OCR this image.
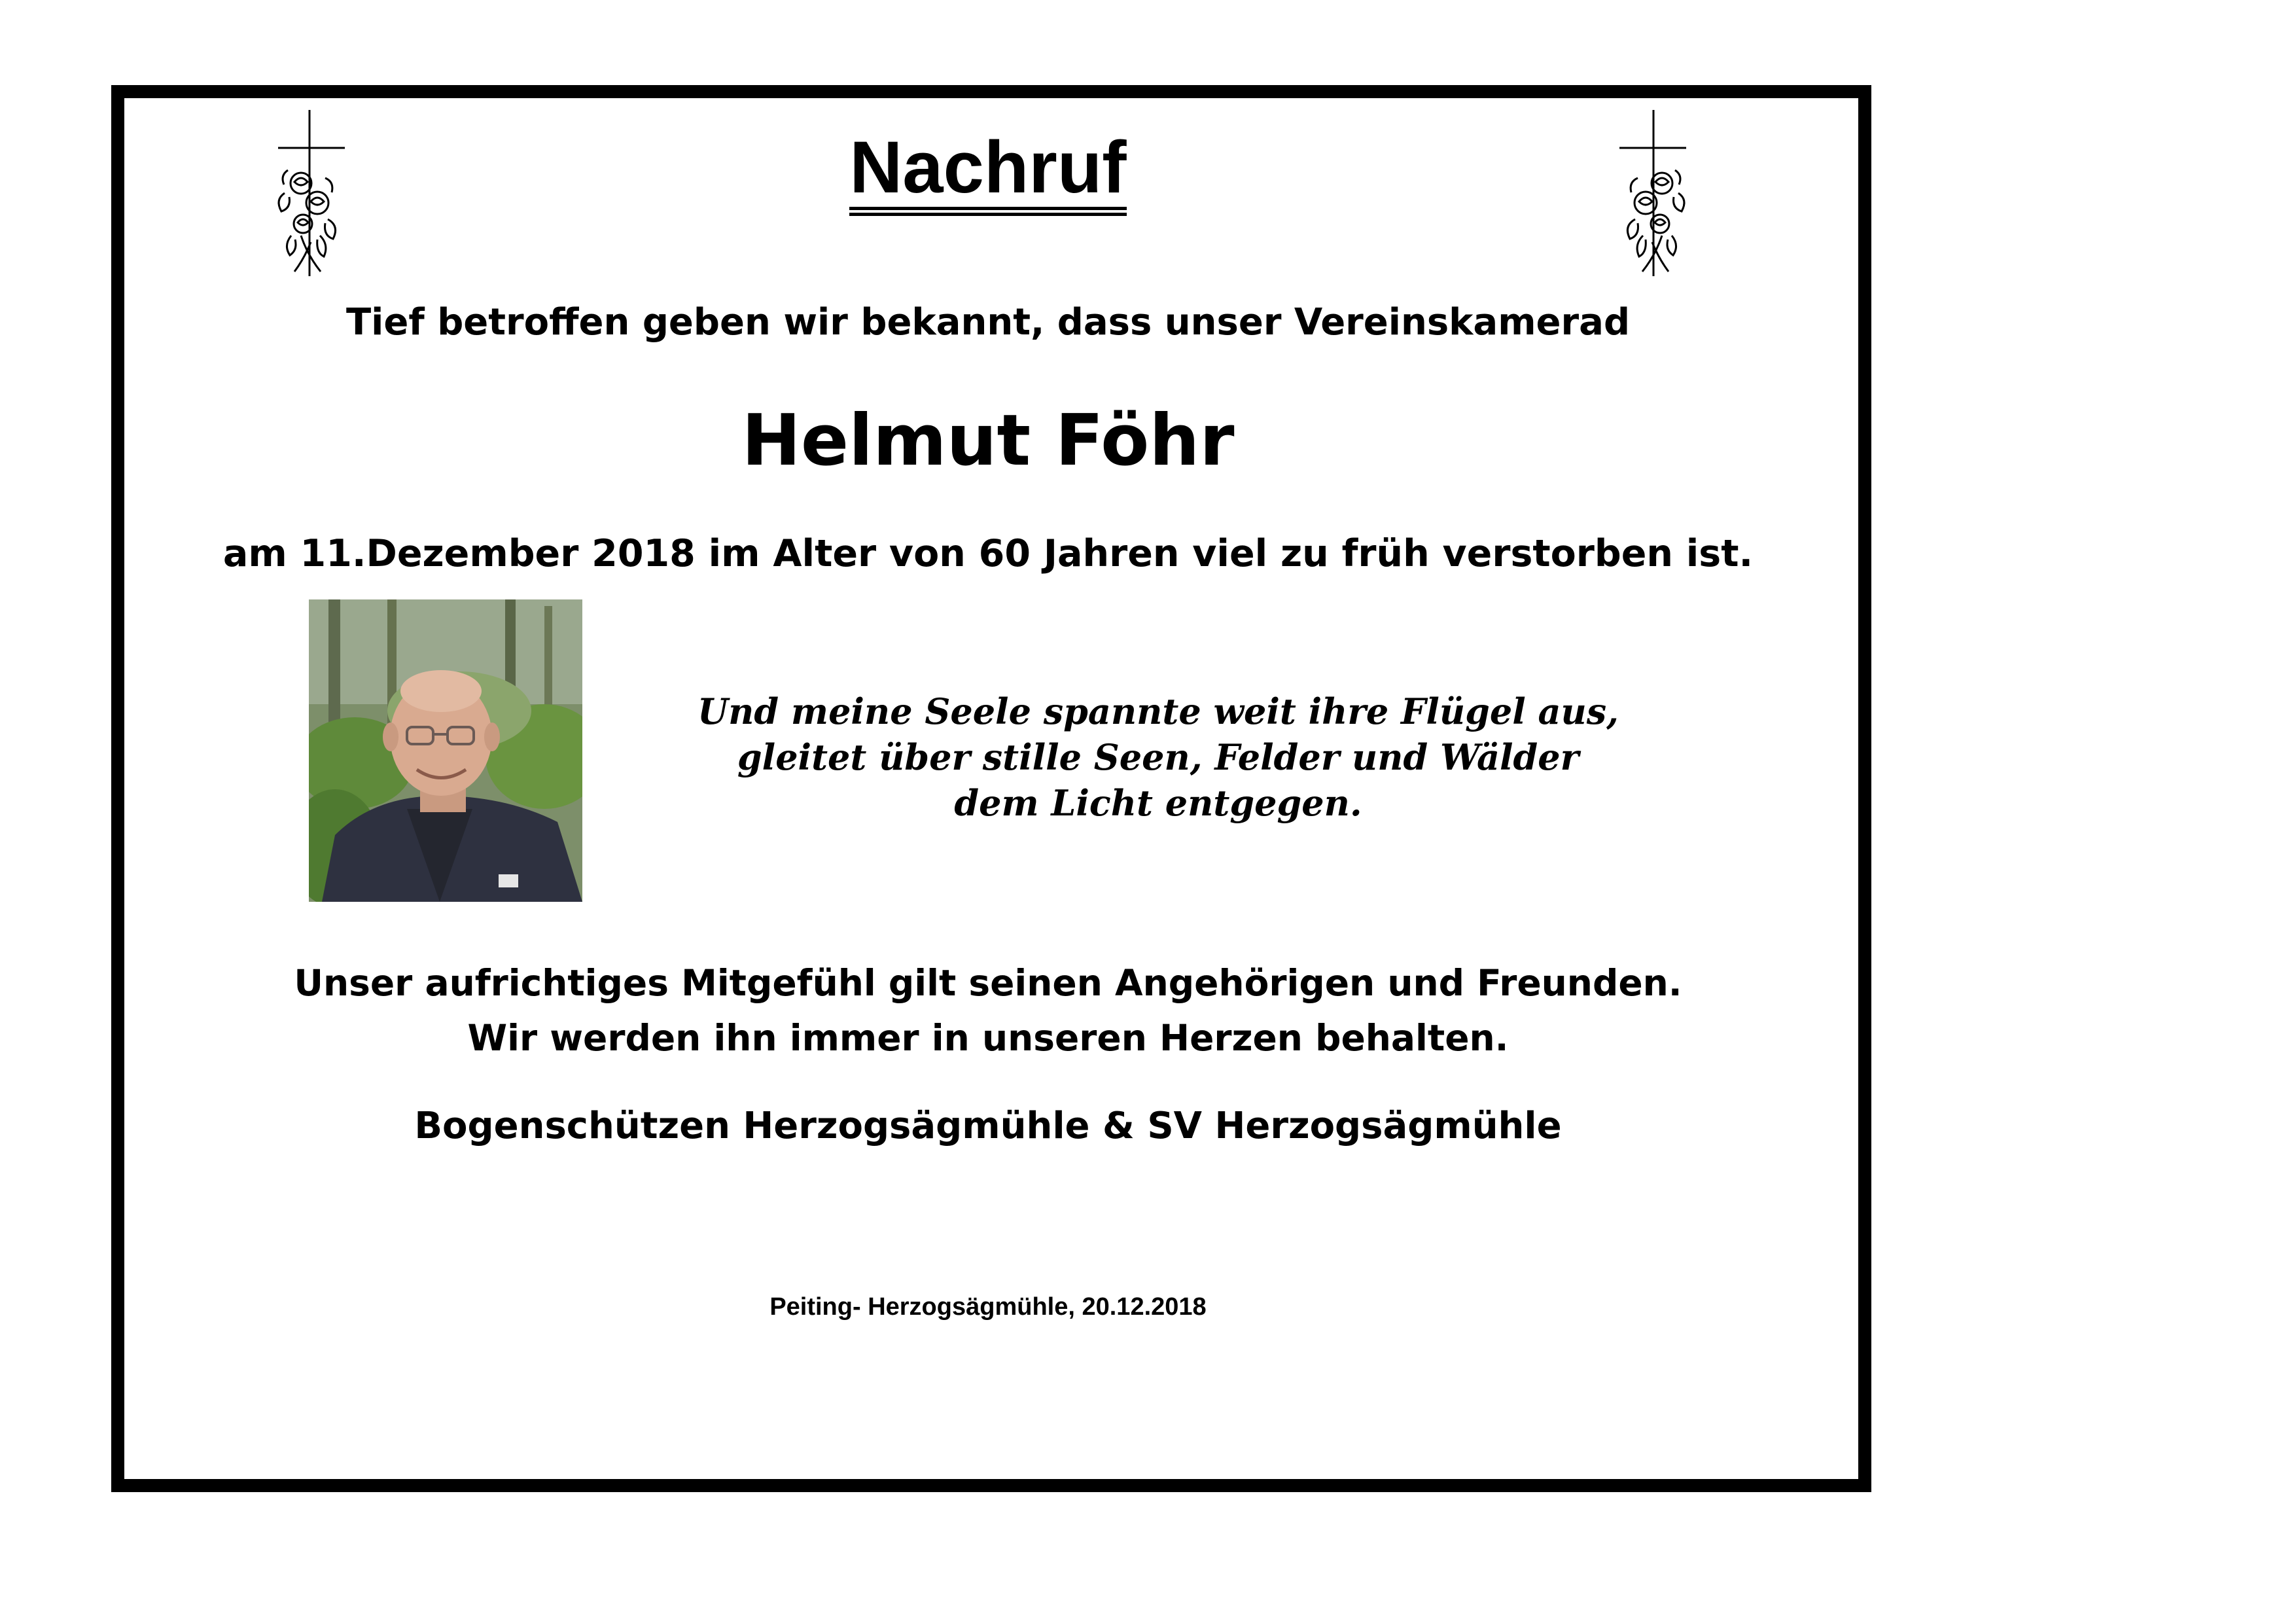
Nachruf
Tief betroffen geben wir bekannt, dass unser Vereinskamerad
Helmut Föhr
am 11.Dezember 2018 im Alter von 60 Jahren viel zu früh verstorben ist.
Und meine Seele spannte weit ihre Flügel aus,
gleitet über stille Seen, Felder und Wälder
dem Licht entgegen.
Unser aufrichtiges Mitgefühl gilt seinen Angehörigen und Freunden.
Wir werden ihn immer in unseren Herzen behalten.
Bogenschützen Herzogsägmühle & SV Herzogsägmühle
Peiting- Herzogsägmühle, 20.12.2018
